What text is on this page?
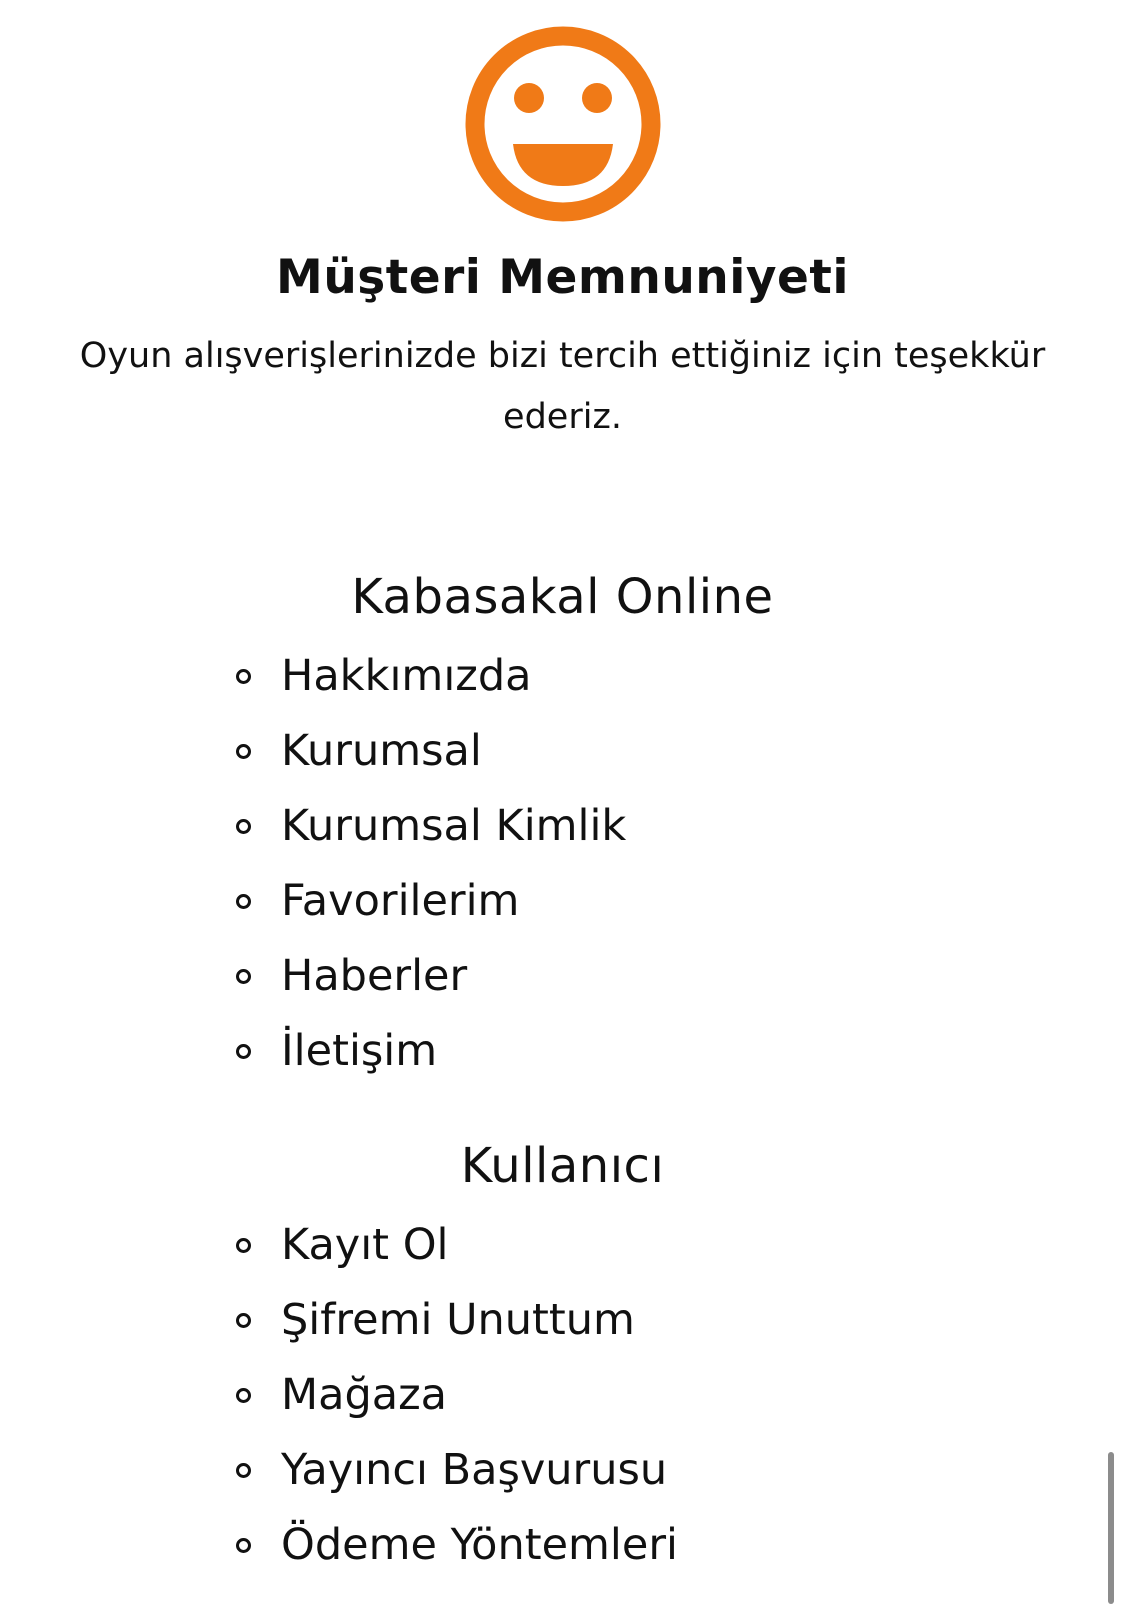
Müşteri Memnuniyeti
Oyun alışverişlerinizde bizi tercih ettiğiniz için teşekkür ederiz.
Kabasakal Online
Hakkımızda
Kurumsal
Kurumsal Kimlik
Favorilerim
Haberler
İletişim
Kullanıcı
Kayıt Ol
Şifremi Unuttum
Mağaza
Yayıncı Başvurusu
Ödeme Yöntemleri
